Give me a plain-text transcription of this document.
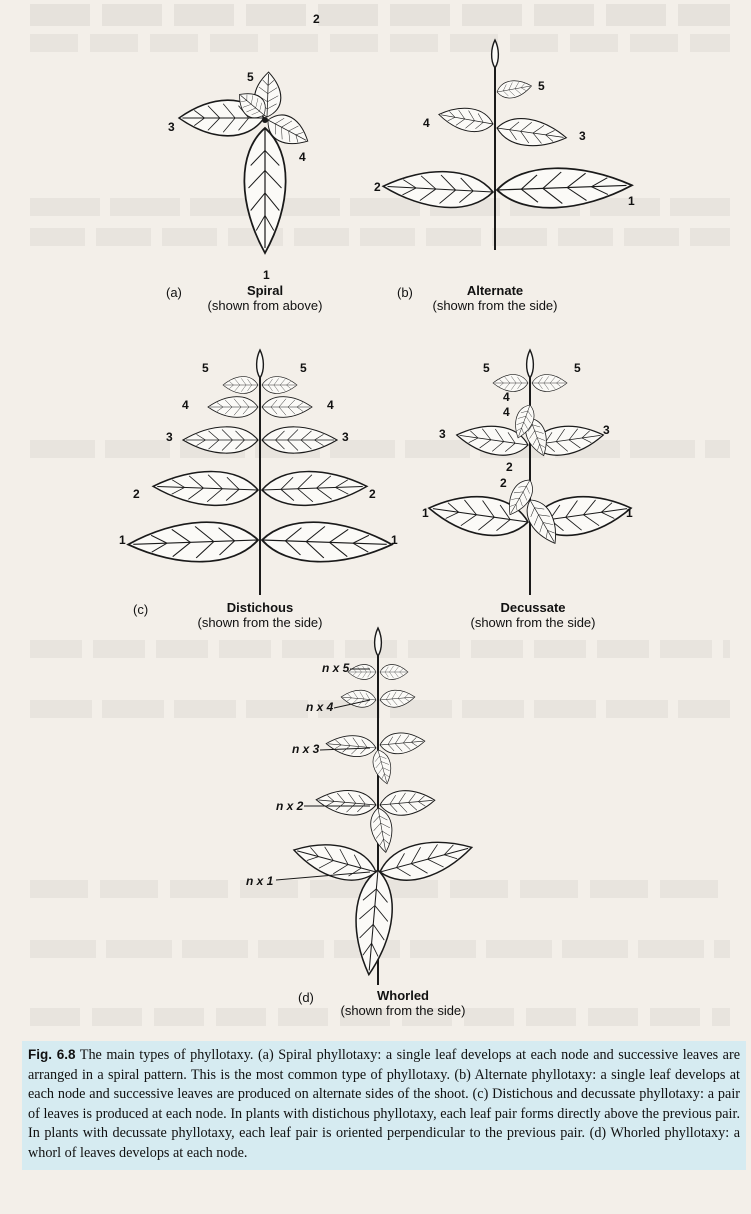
1
2
3
4
5
1
2
3
4
5
1	1
2	2
3	3
4	4
5	5
1	1
2
2
3	3
4
4
5	5
n x 5
n x 4
n x 3
n x 2
n x 1
(a)	Spiral
(shown from above)
(b)	Alternate
(shown from the side)
(c)	Distichous
(shown from the side)
Decussate
(shown from the side)
(d)	Whorled
(shown from the side)
Fig. 6.8 The main types of phyllotaxy. (a) Spiral phyllotaxy: a single leaf develops at each node and successive leaves are arranged in a spiral pattern. This is the most common type of phyllotaxy. (b) Alternate phyllotaxy: a single leaf develops at each node and successive leaves are produced on alternate sides of the shoot. (c) Distichous and decussate phyllotaxy: a pair of leaves is produced at each node. In plants with distichous phyllotaxy, each leaf pair forms directly above the previous pair. In plants with decussate phyllotaxy, each leaf pair is oriented perpendicular to the previous pair. (d) Whorled phyllotaxy: a whorl of leaves develops at each node.
